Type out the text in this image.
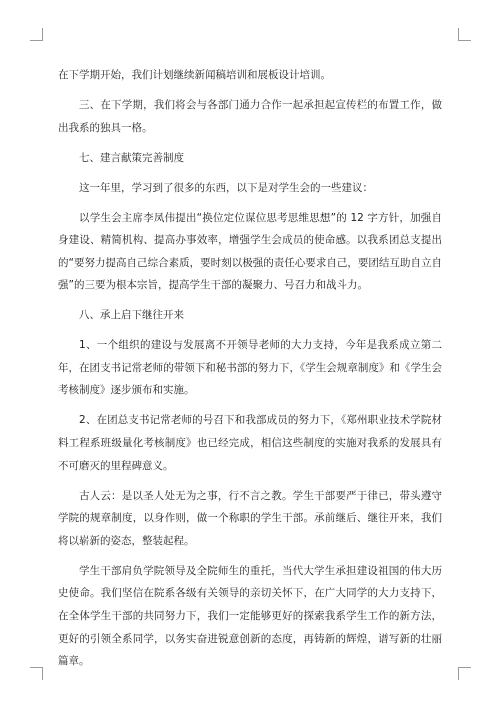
在下学期开始，我们计划继续新闻稿培训和展板设计培训。

三、在下学期，我们将会与各部门通力合作一起承担起宣传栏的布置工作，做出我系的独具一格。

七、建言献策完善制度

这一年里，学习到了很多的东西，以下是对学生会的一些建议：

以学生会主席李凤伟提出“换位定位谋位思考思维思想”的 12 字方针，加强自身建设、精简机构、提高办事效率，增强学生会成员的使命感。以我系团总支提出的“要努力提高自己综合素质，要时刻以极强的责任心要求自己，要团结互助自立自强”的三要为根本宗旨，提高学生干部的凝聚力、号召力和战斗力。

八、承上启下继往开来

1、一个组织的建设与发展离不开领导老师的大力支持，今年是我系成立第二年，在团支书记常老师的带领下和秘书部的努力下，《学生会规章制度》和《学生会考核制度》逐步颁布和实施。

2、在团总支书记常老师的号召下和我部成员的努力下，《郑州职业技术学院材料工程系班级量化考核制度》也已经完成，相信这些制度的实施对我系的发展具有不可磨灭的里程碑意义。

古人云：是以圣人处无为之事，行不言之教。学生干部要严于律已，带头遵守学院的规章制度，以身作则，做一个称职的学生干部。承前继后、继往开来，我们将以崭新的姿态，整装起程。

学生干部肩负学院领导及全院师生的重托，当代大学生承担建设祖国的伟大历史使命。我们坚信在院系各级有关领导的亲切关怀下，在广大同学的大力支持下，在全体学生干部的共同努力下，我们一定能够更好的探索我系学生工作的新方法，更好的引领全系同学，以务实奋进锐意创新的态度，再铸新的辉煌，谱写新的壮丽篇章。
